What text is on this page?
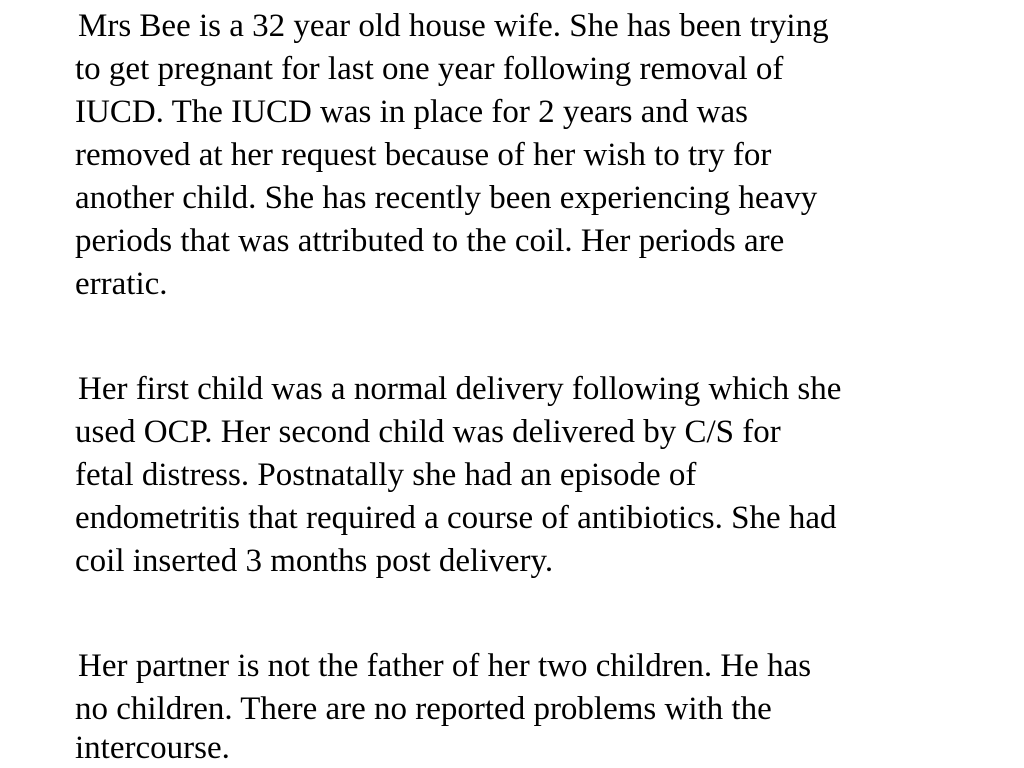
Mrs Bee is a 32 year old house wife. She has been trying

to get pregnant for last one year following removal of

IUCD. The IUCD was in place for 2 years and was

removed at her request because of her wish to try for

another child. She has recently been experiencing heavy

periods that was attributed to the coil. Her periods are

erratic.

Her first child was a normal delivery following which she

used OCP. Her second child was delivered by C/S for

fetal distress. Postnatally she had an episode of

endometritis that required a course of antibiotics. She had

coil inserted 3 months post delivery.

Her partner is not the father of her two children. He has

no children. There are no reported problems with the

intercourse.
